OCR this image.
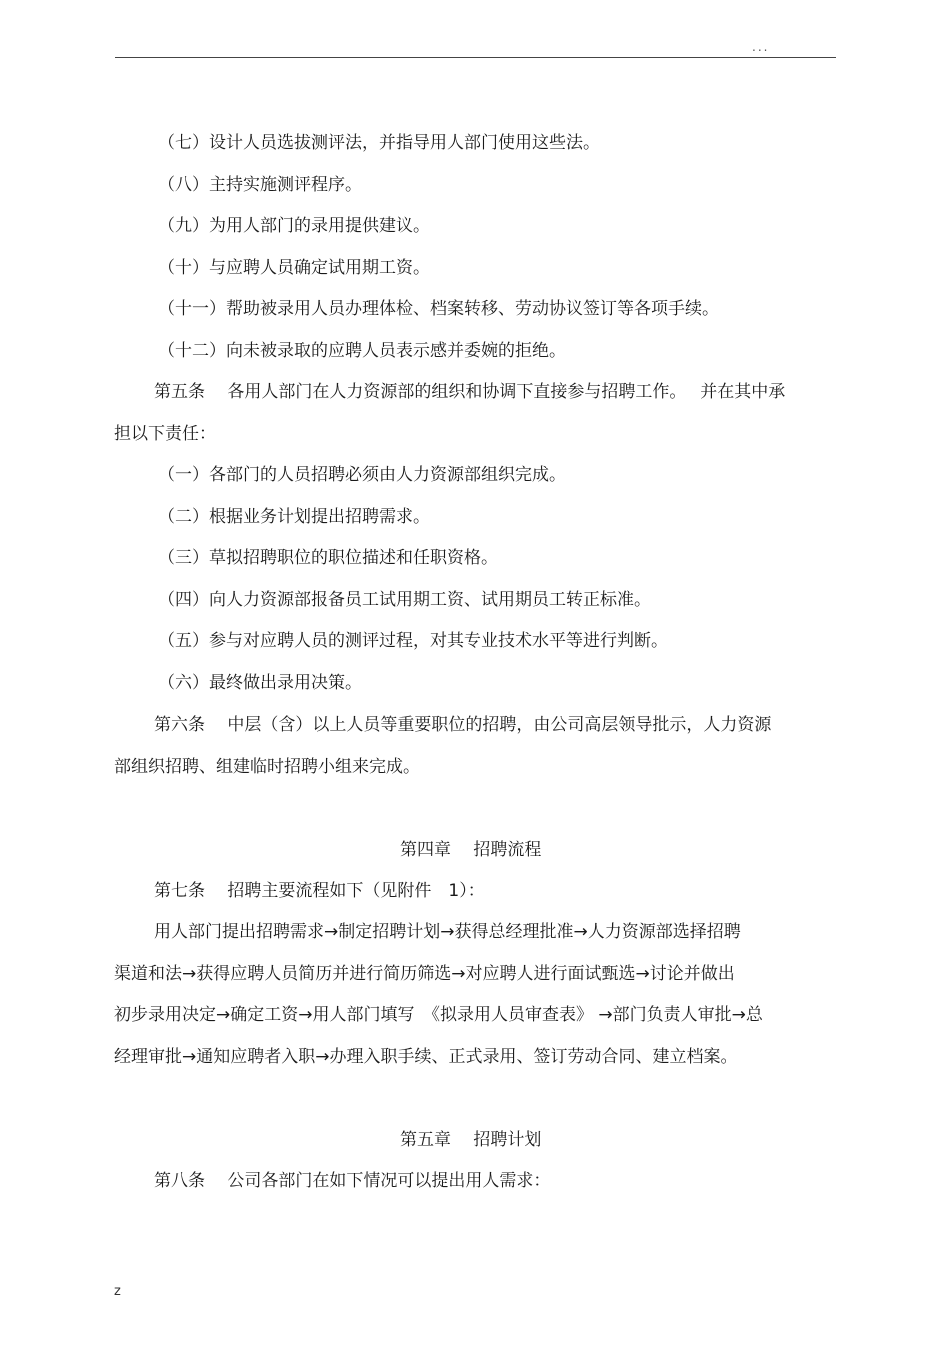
...
（七）设计人员选拔测评法，并指导用人部门使用这些法。
（八）主持实施测评程序。
（九）为用人部门的录用提供建议。
（十）与应聘人员确定试用期工资。
（十一）帮助被录用人员办理体检、档案转移、劳动协议签订等各项手续。
（十二）向未被录取的应聘人员表示感并委婉的拒绝。
第五条　 各用人部门在人力资源部的组织和协调下直接参与招聘工作。　 并在其中承
担以下责任：
（一）各部门的人员招聘必须由人力资源部组织完成。
（二）根据业务计划提出招聘需求。
（三）草拟招聘职位的职位描述和任职资格。
（四）向人力资源部报备员工试用期工资、试用期员工转正标准。
（五）参与对应聘人员的测评过程，对其专业技术水平等进行判断。
（六）最终做出录用决策。
第六条　 中层（含）以上人员等重要职位的招聘，由公司高层领导批示，人力资源
部组织招聘、组建临时招聘小组来完成。
第四章　 招聘流程
第七条　 招聘主要流程如下（见附件　1）：
用人部门提出招聘需求→制定招聘计划→获得总经理批准→人力资源部选择招聘
渠道和法→获得应聘人员简历并进行简历筛选→对应聘人进行面试甄选→讨论并做出
初步录用决定→确定工资→用人部门填写　《拟录用人员审查表》 →部门负责人审批→总
经理审批→通知应聘者入职→办理入职手续、正式录用、签订劳动合同、建立档案。
第五章　 招聘计划
第八条　 公司各部门在如下情况可以提出用人需求：
z
